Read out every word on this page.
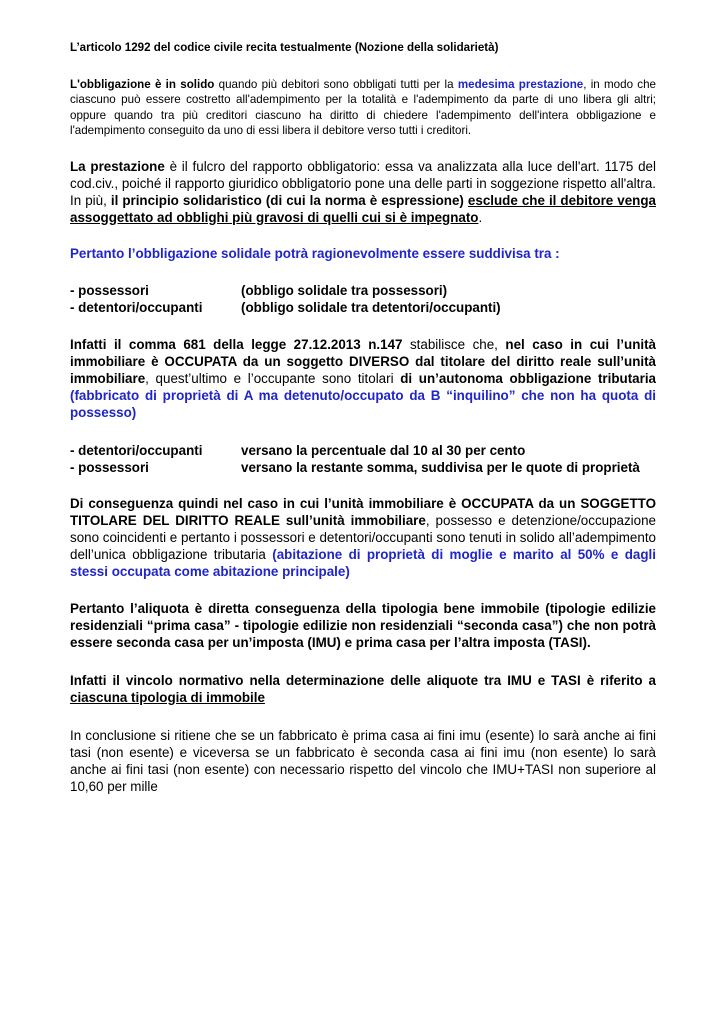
L’articolo 1292 del codice civile recita testualmente (Nozione della solidarietà)

L'obbligazione è in solido quando più debitori sono obbligati tutti per la medesima prestazione, in modo che ciascuno può essere costretto all'adempimento per la totalità e l'adempimento da parte di uno libera gli altri; oppure quando tra più creditori ciascuno ha diritto di chiedere l'adempimento dell'intera obbligazione e l'adempimento conseguito da uno di essi libera il debitore verso tutti i creditori.

La prestazione è il fulcro del rapporto obbligatorio: essa va analizzata alla luce dell'art. 1175 del cod.civ., poiché il rapporto giuridico obbligatorio pone una delle parti in soggezione rispetto all'altra. In più, il principio solidaristico (di cui la norma è espressione) esclude che il debitore venga assoggettato ad obblighi più gravosi di quelli cui si è impegnato.

Pertanto l’obbligazione solidale potrà ragionevolmente essere suddivisa tra :

- possessori	(obbligo solidale tra possessori)
- detentori/occupanti	(obbligo solidale tra detentori/occupanti)

Infatti il comma 681 della legge 27.12.2013 n.147 stabilisce che, nel caso in cui l’unità immobiliare è OCCUPATA da un soggetto DIVERSO dal titolare del diritto reale sull’unità immobiliare, quest’ultimo e l’occupante sono titolari di un’autonoma obbligazione tributaria (fabbricato di proprietà di A ma detenuto/occupato da B “inquilino” che non ha quota di possesso)

- detentori/occupanti	versano la percentuale dal 10 al 30 per cento
- possessori	versano la restante somma, suddivisa per le quote di proprietà

Di conseguenza quindi nel caso in cui l’unità immobiliare è OCCUPATA da un SOGGETTO TITOLARE DEL DIRITTO REALE sull’unità immobiliare, possesso e detenzione/occupazione sono coincidenti e pertanto i possessori e detentori/occupanti sono tenuti in solido all’adempimento dell’unica obbligazione tributaria (abitazione di proprietà di moglie e marito al 50% e dagli stessi occupata come abitazione principale)

Pertanto l’aliquota è diretta conseguenza della tipologia bene immobile (tipologie edilizie residenziali “prima casa” - tipologie edilizie non residenziali “seconda casa”) che non potrà essere seconda casa per un’imposta (IMU) e prima casa per l’altra imposta (TASI).

Infatti il vincolo normativo nella determinazione delle aliquote tra IMU e TASI è riferito a ciascuna tipologia di immobile

In conclusione si ritiene che se un fabbricato è prima casa ai fini imu (esente) lo sarà anche ai fini tasi (non esente) e viceversa se un fabbricato è seconda casa ai fini imu (non esente) lo sarà anche ai fini tasi (non esente) con necessario rispetto del vincolo che IMU+TASI non superiore al 10,60 per mille
